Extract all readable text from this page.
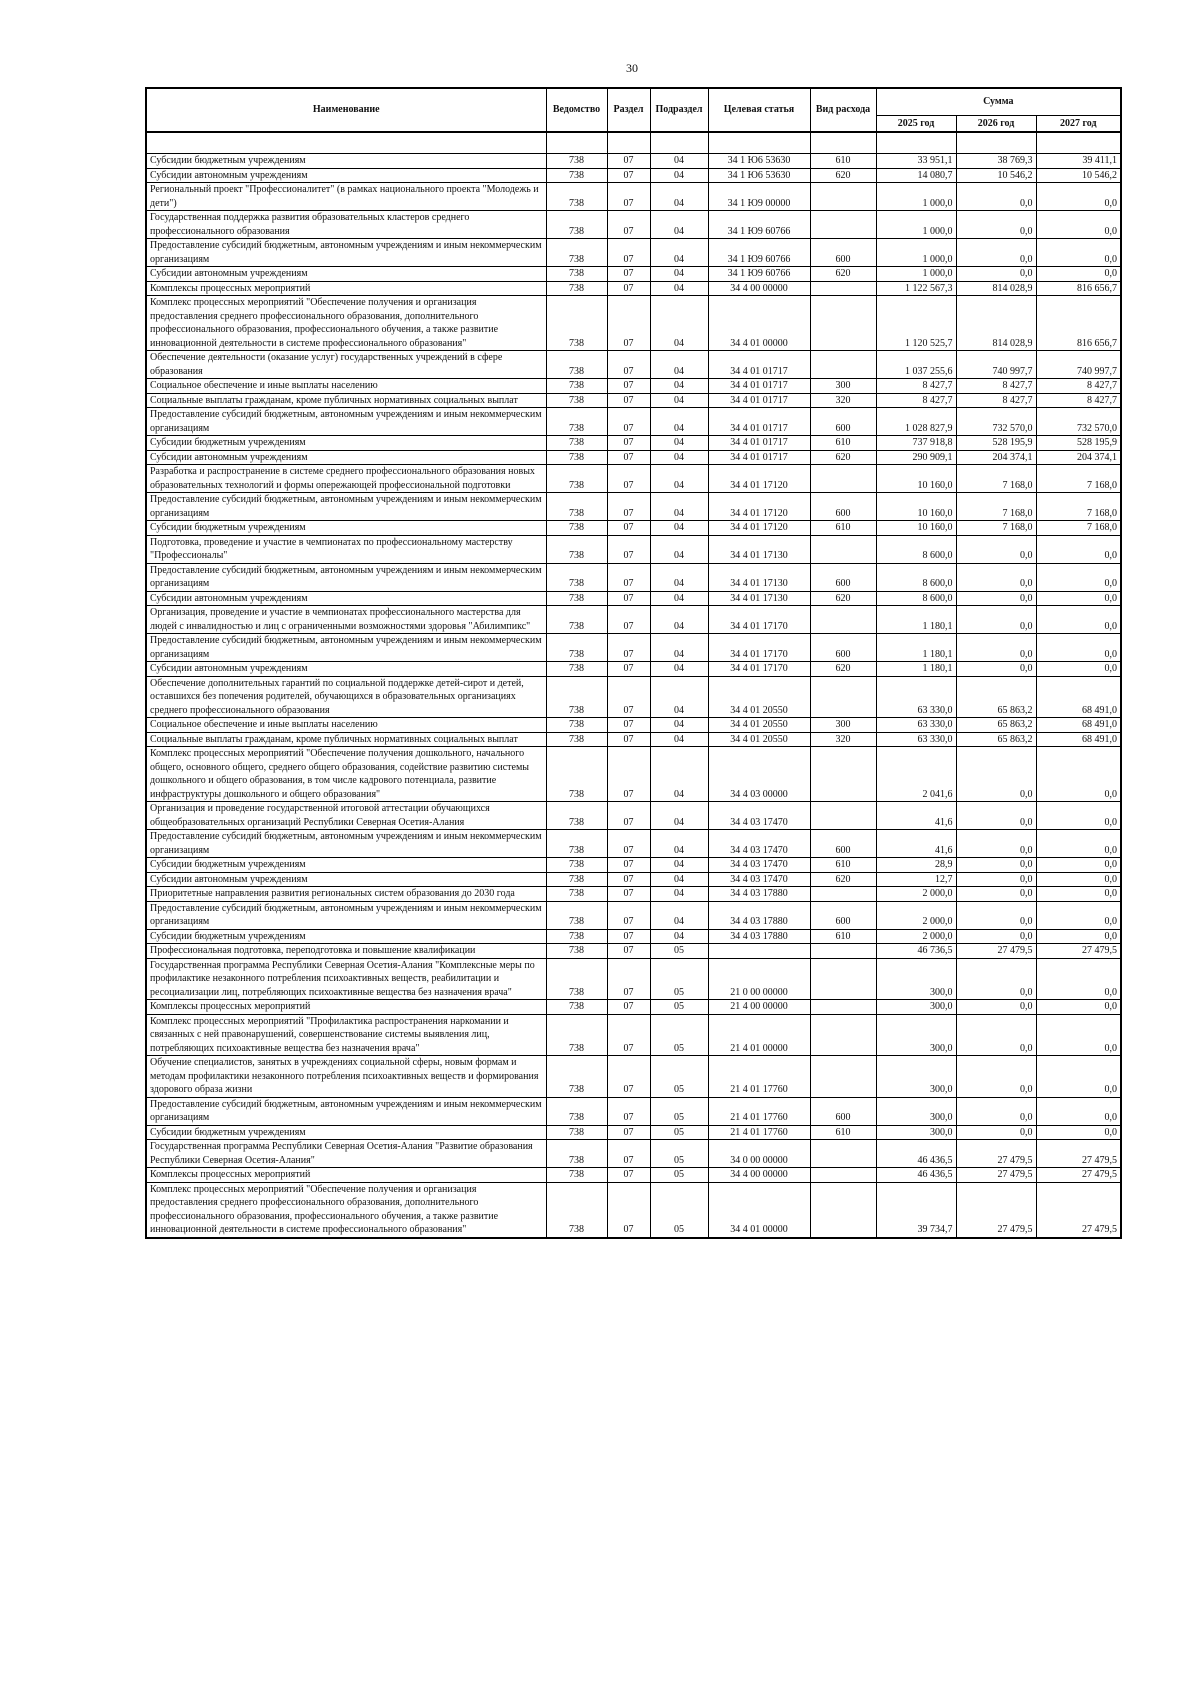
30
Наименование	Ведомство	Раздел	Подраздел	Целевая статья	Вид расхода	Сумма		
						2025 год	2026 год	2027 год

Субсидии бюджетным учреждениям	738	07	04	34 1 Ю6 53630	610	33 951,1	38 769,3	39 411,1
Субсидии автономным учреждениям	738	07	04	34 1 Ю6 53630	620	14 080,7	10 546,2	10 546,2
Региональный проект "Профессионалитет" (в рамках национального проекта "Молодежь и дети")	738	07	04	34 1 Ю9 00000		1 000,0	0,0	0,0
Государственная поддержка развития образовательных кластеров среднего профессионального образования	738	07	04	34 1 Ю9 60766		1 000,0	0,0	0,0
Предоставление субсидий бюджетным, автономным учреждениям и иным некоммерческим организациям	738	07	04	34 1 Ю9 60766	600	1 000,0	0,0	0,0
Субсидии автономным учреждениям	738	07	04	34 1 Ю9 60766	620	1 000,0	0,0	0,0
Комплексы процессных мероприятий	738	07	04	34 4 00 00000		1 122 567,3	814 028,9	816 656,7
Комплекс процессных мероприятий "Обеспечение получения и организация предоставления среднего профессионального образования, дополнительного профессионального образования, профессионального обучения, а также развитие инновационной деятельности в системе профессионального образования"	738	07	04	34 4 01 00000		1 120 525,7	814 028,9	816 656,7
Обеспечение деятельности (оказание услуг) государственных учреждений в сфере образования	738	07	04	34 4 01 01717		1 037 255,6	740 997,7	740 997,7
Социальное обеспечение и иные выплаты населению	738	07	04	34 4 01 01717	300	8 427,7	8 427,7	8 427,7
Социальные выплаты гражданам, кроме публичных нормативных социальных выплат	738	07	04	34 4 01 01717	320	8 427,7	8 427,7	8 427,7
Предоставление субсидий бюджетным, автономным учреждениям и иным некоммерческим организациям	738	07	04	34 4 01 01717	600	1 028 827,9	732 570,0	732 570,0
Субсидии бюджетным учреждениям	738	07	04	34 4 01 01717	610	737 918,8	528 195,9	528 195,9
Субсидии автономным учреждениям	738	07	04	34 4 01 01717	620	290 909,1	204 374,1	204 374,1
Разработка и распространение в системе среднего профессионального образования новых образовательных технологий и формы опережающей профессиональной подготовки	738	07	04	34 4 01 17120		10 160,0	7 168,0	7 168,0
Предоставление субсидий бюджетным, автономным учреждениям и иным некоммерческим организациям	738	07	04	34 4 01 17120	600	10 160,0	7 168,0	7 168,0
Субсидии бюджетным учреждениям	738	07	04	34 4 01 17120	610	10 160,0	7 168,0	7 168,0
Подготовка, проведение и участие в чемпионатах по профессиональному мастерству "Профессионалы"	738	07	04	34 4 01 17130		8 600,0	0,0	0,0
Предоставление субсидий бюджетным, автономным учреждениям и иным некоммерческим организациям	738	07	04	34 4 01 17130	600	8 600,0	0,0	0,0
Субсидии автономным учреждениям	738	07	04	34 4 01 17130	620	8 600,0	0,0	0,0
Организация, проведение и участие в чемпионатах профессионального мастерства для людей с инвалидностью и лиц с ограниченными возможностями здоровья "Абилимпикс"	738	07	04	34 4 01 17170		1 180,1	0,0	0,0
Предоставление субсидий бюджетным, автономным учреждениям и иным некоммерческим организациям	738	07	04	34 4 01 17170	600	1 180,1	0,0	0,0
Субсидии автономным учреждениям	738	07	04	34 4 01 17170	620	1 180,1	0,0	0,0
Обеспечение дополнительных гарантий по социальной поддержке детей-сирот и детей, оставшихся без попечения родителей, обучающихся в образовательных организациях среднего профессионального образования	738	07	04	34 4 01 20550		63 330,0	65 863,2	68 491,0
Социальное обеспечение и иные выплаты населению	738	07	04	34 4 01 20550	300	63 330,0	65 863,2	68 491,0
Социальные выплаты гражданам, кроме публичных нормативных социальных выплат	738	07	04	34 4 01 20550	320	63 330,0	65 863,2	68 491,0
Комплекс процессных мероприятий "Обеспечение получения дошкольного, начального общего, основного общего, среднего общего образования, содействие развитию системы дошкольного и общего образования, в том числе кадрового потенциала, развитие инфраструктуры дошкольного и общего образования"	738	07	04	34 4 03 00000		2 041,6	0,0	0,0
Организация и проведение государственной итоговой аттестации обучающихся общеобразовательных организаций Республики Северная Осетия-Алания	738	07	04	34 4 03 17470		41,6	0,0	0,0
Предоставление субсидий бюджетным, автономным учреждениям и иным некоммерческим организациям	738	07	04	34 4 03 17470	600	41,6	0,0	0,0
Субсидии бюджетным учреждениям	738	07	04	34 4 03 17470	610	28,9	0,0	0,0
Субсидии автономным учреждениям	738	07	04	34 4 03 17470	620	12,7	0,0	0,0
Приоритетные направления развития региональных систем образования до 2030 года	738	07	04	34 4 03 17880		2 000,0	0,0	0,0
Предоставление субсидий бюджетным, автономным учреждениям и иным некоммерческим организациям	738	07	04	34 4 03 17880	600	2 000,0	0,0	0,0
Субсидии бюджетным учреждениям	738	07	04	34 4 03 17880	610	2 000,0	0,0	0,0
Профессиональная подготовка, переподготовка и повышение квалификации	738	07	05			46 736,5	27 479,5	27 479,5
Государственная программа Республики Северная Осетия-Алания "Комплексные меры по профилактике незаконного потребления психоактивных веществ, реабилитации и ресоциализации лиц, потребляющих психоактивные вещества без назначения врача"	738	07	05	21 0 00 00000		300,0	0,0	0,0
Комплексы процессных мероприятий	738	07	05	21 4 00 00000		300,0	0,0	0,0
Комплекс процессных мероприятий "Профилактика распространения наркомании и связанных с ней правонарушений, совершенствование системы выявления лиц, потребляющих психоактивные вещества без назначения врача"	738	07	05	21 4 01 00000		300,0	0,0	0,0
Обучение специалистов, занятых в учреждениях социальной сферы, новым формам и методам профилактики незаконного потребления психоактивных веществ и формирования здорового образа жизни	738	07	05	21 4 01 17760		300,0	0,0	0,0
Предоставление субсидий бюджетным, автономным учреждениям и иным некоммерческим организациям	738	07	05	21 4 01 17760	600	300,0	0,0	0,0
Субсидии бюджетным учреждениям	738	07	05	21 4 01 17760	610	300,0	0,0	0,0
Государственная программа Республики Северная Осетия-Алания "Развитие образования Республики Северная Осетия-Алания"	738	07	05	34 0 00 00000		46 436,5	27 479,5	27 479,5
Комплексы процессных мероприятий	738	07	05	34 4 00 00000		46 436,5	27 479,5	27 479,5
Комплекс процессных мероприятий "Обеспечение получения и организация предоставления среднего профессионального образования, дополнительного профессионального образования, профессионального обучения, а также развитие инновационной деятельности в системе профессионального образования"	738	07	05	34 4 01 00000		39 734,7	27 479,5	27 479,5
